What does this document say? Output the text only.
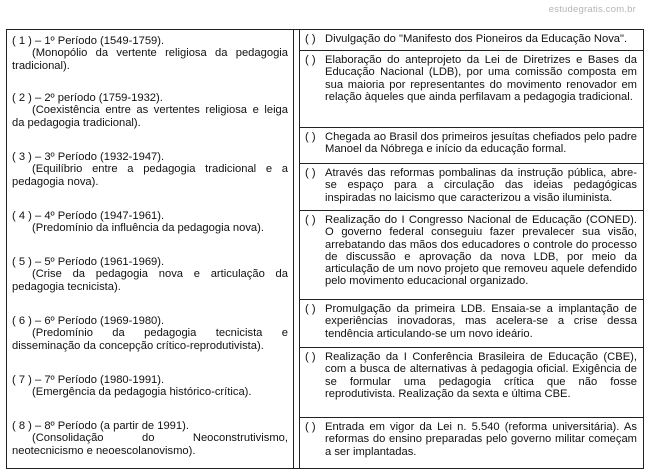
estudegratis.com.br
( 1 ) – 1º Período (1549-1759).
(Monopólio da vertente religiosa da pedagogia tradicional).
( 2 ) – 2º período (1759-1932).
(Coexistência entre as vertentes religiosa e leiga da pedagogia tradicional).
( 3 ) – 3º Período (1932-1947).
(Equilíbrio entre a pedagogia tradicional e a pedagogia nova).
( 4 ) – 4º Período (1947-1961).
(Predomínio da influência da pedagogia nova).
( 5 ) – 5º Período (1961-1969).
(Crise da pedagogia nova e articulação da pedagogia tecnicista).
( 6 ) – 6º Período (1969-1980).
(Predomínio da pedagogia tecnicista e disseminação da concepção crítico-reprodutivista).
( 7 ) – 7º Período (1980-1991).
(Emergência da pedagogia histórico-crítica).
( 8 ) – 8º Período (a partir de 1991).
(Consolidação do Neoconstrutivismo, neotecnicismo e neoescolanovismo).
( ) Divulgação do "Manifesto dos Pioneiros da Educação Nova".
( ) Elaboração do anteprojeto da Lei de Diretrizes e Bases da Educação Nacional (LDB), por uma comissão composta em sua maioria por representantes do movimento renovador em relação àqueles que ainda perfilavam a pedagogia tradicional.
( ) Chegada ao Brasil dos primeiros jesuítas chefiados pelo padre Manoel da Nóbrega e início da educação formal.
( ) Através das reformas pombalinas da instrução pública, abre-se espaço para a circulação das ideias pedagógicas inspiradas no laicismo que caracterizou a visão iluminista.
( ) Realização do I Congresso Nacional de Educação (CONED). O governo federal conseguiu fazer prevalecer sua visão, arrebatando das mãos dos educadores o controle do processo de discussão e aprovação da nova LDB, por meio da articulação de um novo projeto que removeu aquele defendido pelo movimento educacional organizado.
( ) Promulgação da primeira LDB. Ensaia-se a implantação de experiências inovadoras, mas acelera-se a crise dessa tendência articulando-se um novo ideário.
( ) Realização da I Conferência Brasileira de Educação (CBE), com a busca de alternativas à pedagogia oficial. Exigência de se formular uma pedagogia crítica que não fosse reprodutivista. Realização da sexta e última CBE.
( ) Entrada em vigor da Lei n. 5.540 (reforma universitária). As reformas do ensino preparadas pelo governo militar começam a ser implantadas.
